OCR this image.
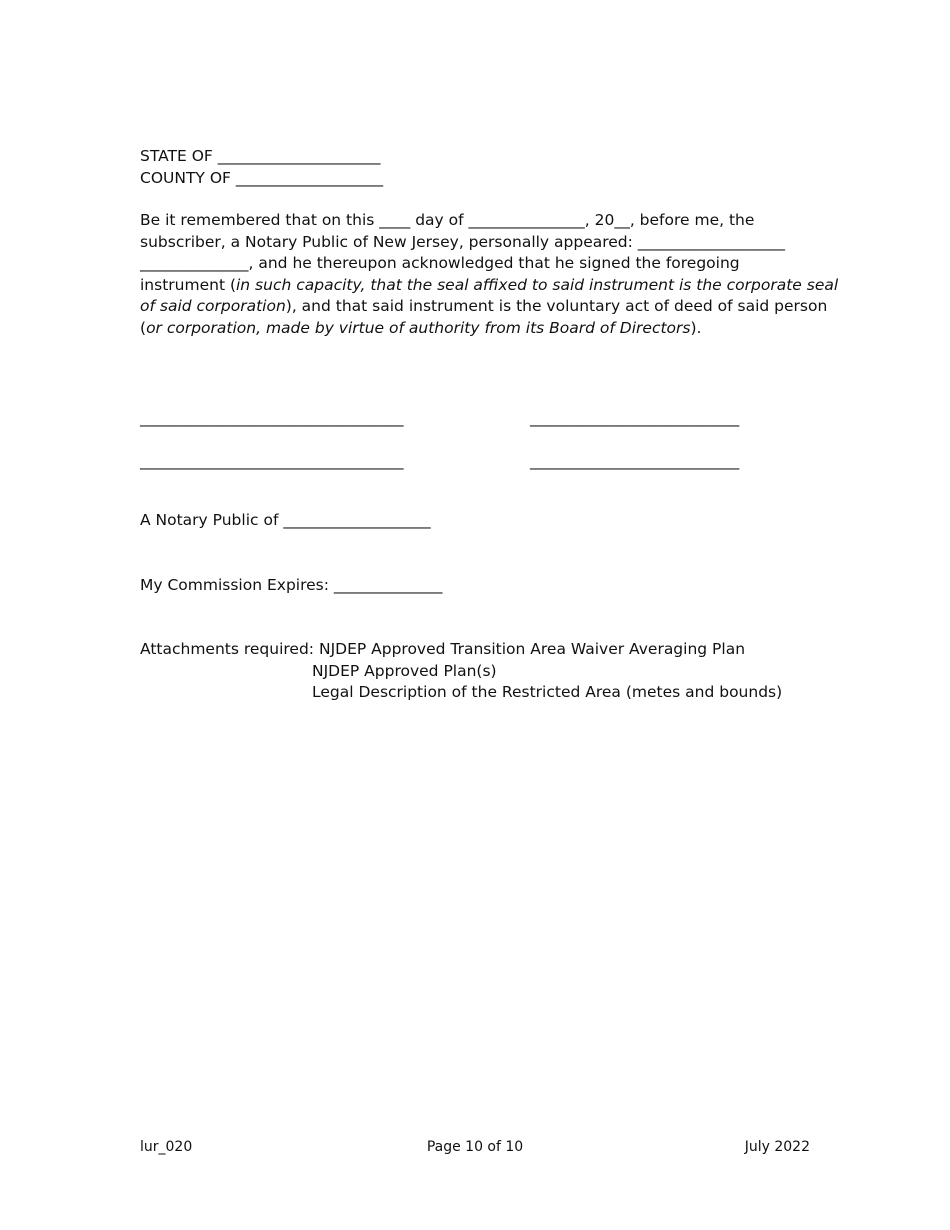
STATE OF _____________________
COUNTY OF ___________________
Be it remembered that on this ____ day of _______________, 20__, before me, the
subscriber, a Notary Public of New Jersey, personally appeared: ___________________
______________, and he thereupon acknowledged that he signed the foregoing
instrument (in such capacity, that the seal affixed to said instrument is the corporate seal
of said corporation), and that said instrument is the voluntary act of deed of said person
(or corporation, made by virtue of authority from its Board of Directors).
__________________________________	___________________________
__________________________________	___________________________
A Notary Public of ___________________
My Commission Expires: ______________
Attachments required: NJDEP Approved Transition Area Waiver Averaging Plan
NJDEP Approved Plan(s)
Legal Description of the Restricted Area (metes and bounds)
lur_020	Page 10 of 10	July 2022
